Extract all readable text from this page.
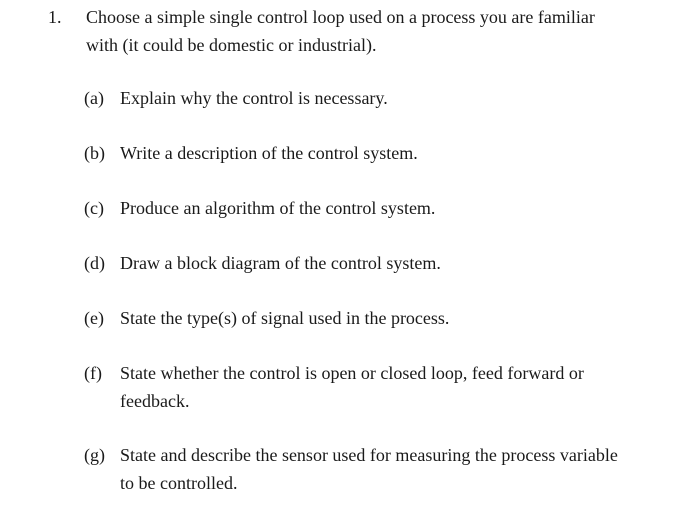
1. Choose a simple single control loop used on a process you are familiar
with (it could be domestic or industrial).
(a) Explain why the control is necessary.
(b) Write a description of the control system.
(c) Produce an algorithm of the control system.
(d) Draw a block diagram of the control system.
(e) State the type(s) of signal used in the process.
(f) State whether the control is open or closed loop, feed forward or
feedback.
(g) State and describe the sensor used for measuring the process variable
to be controlled.
